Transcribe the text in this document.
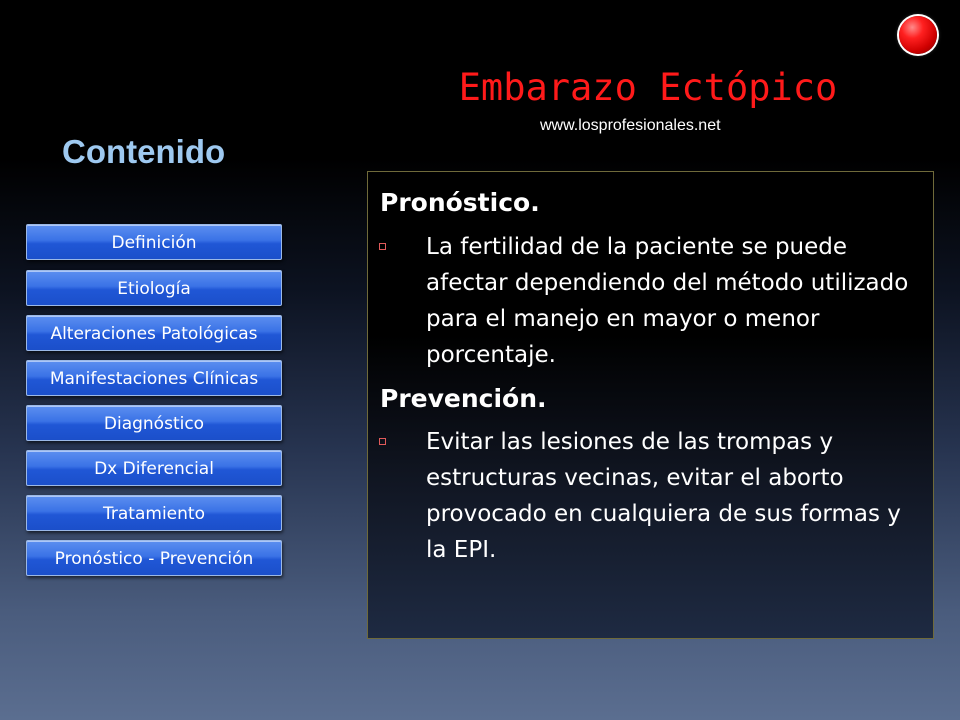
Embarazo Ectópico
www.losprofesionales.net
Contenido
Definición
Etiología
Alteraciones Patológicas
Manifestaciones Clínicas
Diagnóstico
Dx Diferencial
Tratamiento
Pronóstico - Prevención
Pronóstico.
La fertilidad de la paciente se puede afectar dependiendo del método utilizado para el manejo en mayor o menor porcentaje.
Prevención.
Evitar las lesiones de las trompas y estructuras vecinas, evitar el aborto provocado en cualquiera de sus formas y la EPI.
